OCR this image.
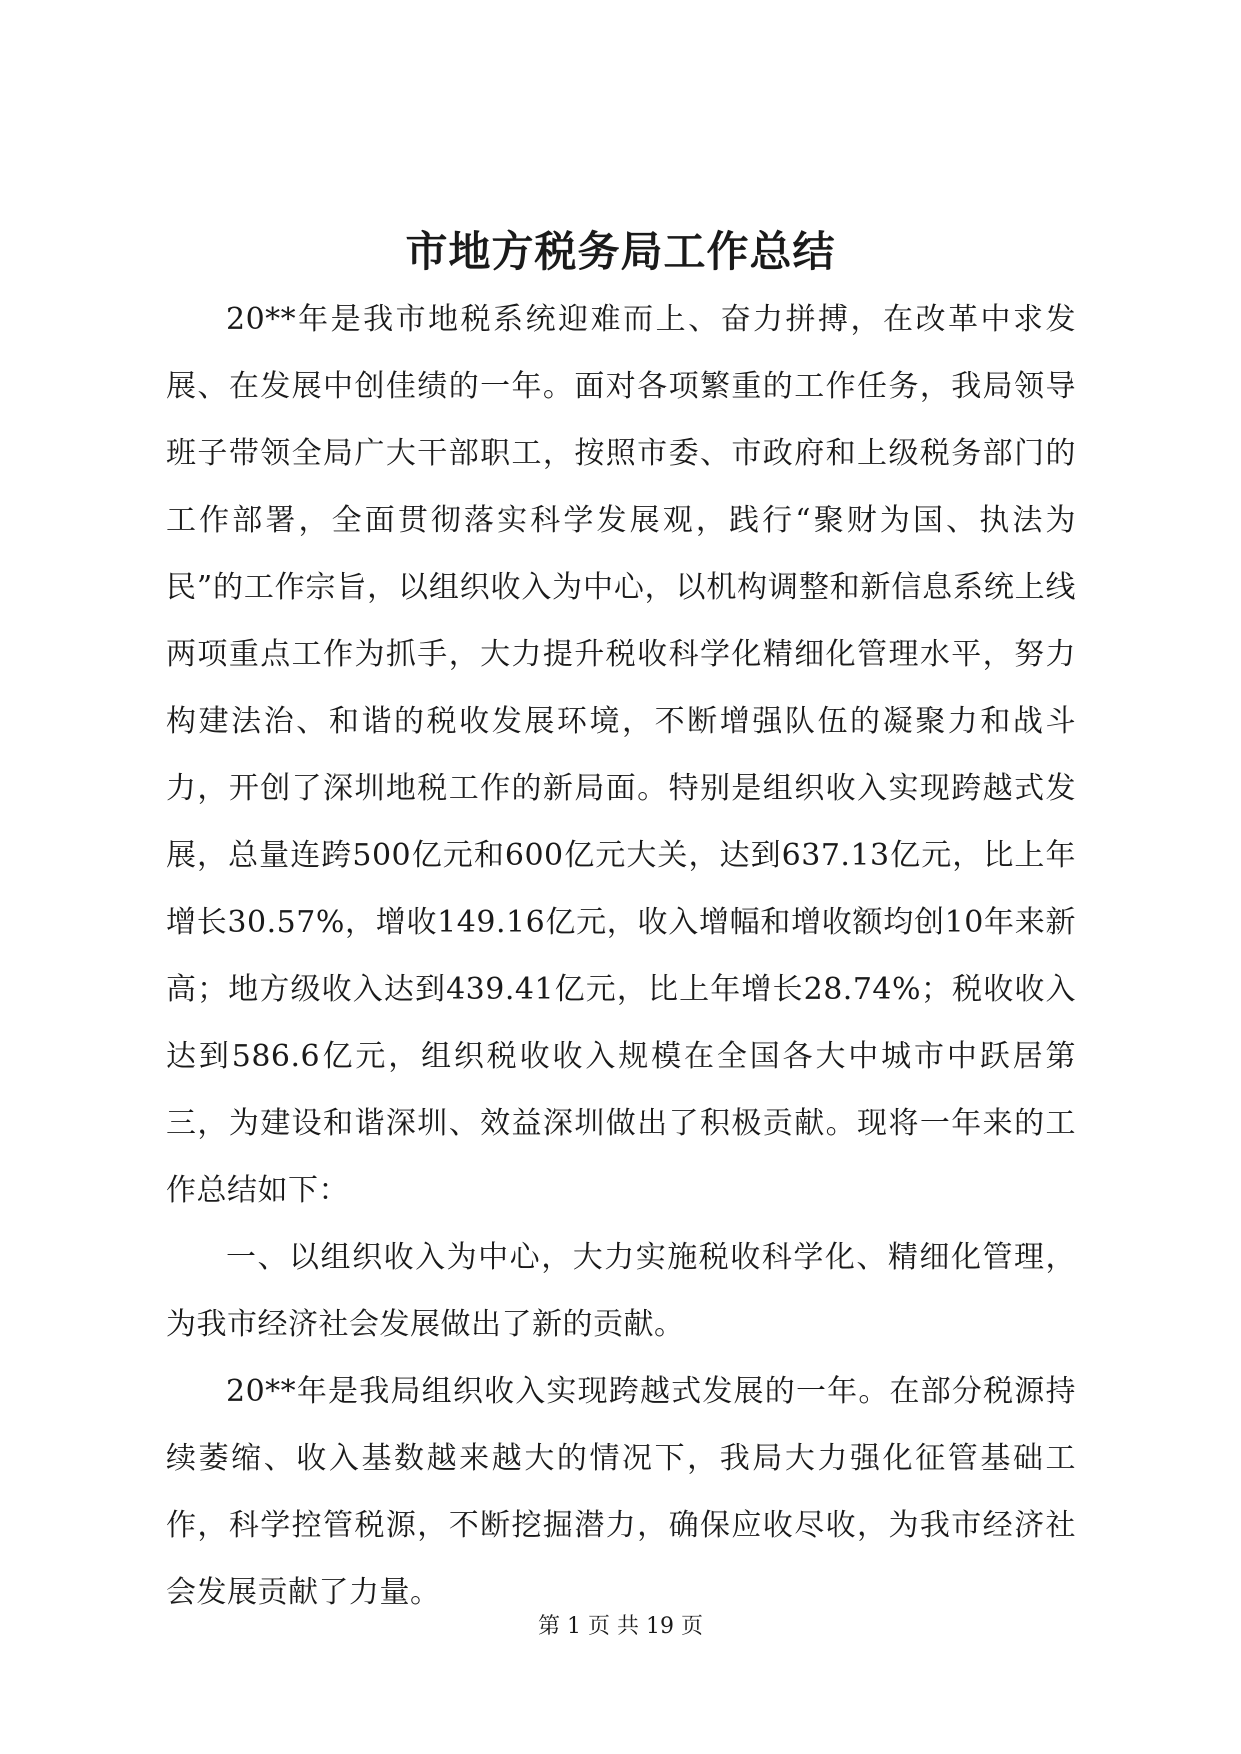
市地方税务局工作总结

20**年是我市地税系统迎难而上、奋力拼搏，在改革中求发展、在发展中创佳绩的一年。面对各项繁重的工作任务，我局领导班子带领全局广大干部职工，按照市委、市政府和上级税务部门的工作部署，全面贯彻落实科学发展观，践行“聚财为国、执法为民”的工作宗旨，以组织收入为中心，以机构调整和新信息系统上线两项重点工作为抓手，大力提升税收科学化精细化管理水平，努力构建法治、和谐的税收发展环境，不断增强队伍的凝聚力和战斗力，开创了深圳地税工作的新局面。特别是组织收入实现跨越式发展，总量连跨500亿元和600亿元大关，达到637.13亿元，比上年增长30.57%，增收149.16亿元，收入增幅和增收额均创10年来新高；地方级收入达到439.41亿元，比上年增长28.74%；税收收入达到586.6亿元，组织税收收入规模在全国各大中城市中跃居第三，为建设和谐深圳、效益深圳做出了积极贡献。现将一年来的工作总结如下：

一、以组织收入为中心，大力实施税收科学化、精细化管理，为我市经济社会发展做出了新的贡献。

20**年是我局组织收入实现跨越式发展的一年。在部分税源持续萎缩、收入基数越来越大的情况下，我局大力强化征管基础工作，科学控管税源，不断挖掘潜力，确保应收尽收，为我市经济社会发展贡献了力量。

第 1 页 共 19 页
